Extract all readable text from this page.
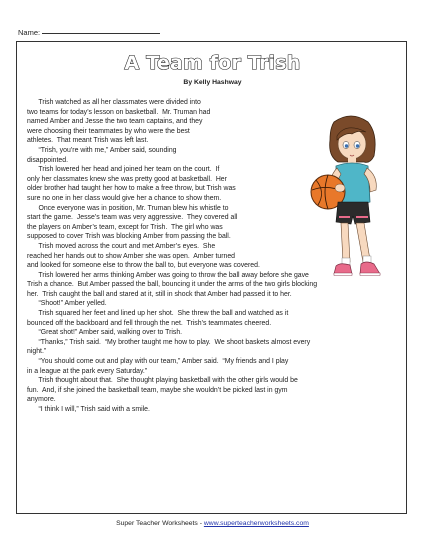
Name:
A Team for Trish
By Kelly Hashway
Trish watched as all her classmates were divided into
two teams for today’s lesson on basketball.  Mr. Truman had
named Amber and Jesse the two team captains, and they
were choosing their teammates by who were the best
athletes.  That meant Trish was left last.
“Trish, you’re with me,” Amber said, sounding
disappointed.
Trish lowered her head and joined her team on the court.  If
only her classmates knew she was pretty good at basketball.  Her
older brother had taught her how to make a free throw, but Trish was
sure no one in her class would give her a chance to show them.
Once everyone was in position, Mr. Truman blew his whistle to
start the game.  Jesse’s team was very aggressive.  They covered all
the players on Amber’s team, except for Trish.  The girl who was
supposed to cover Trish was blocking Amber from passing the ball.
Trish moved across the court and met Amber’s eyes.  She
reached her hands out to show Amber she was open.  Amber turned
and looked for someone else to throw the ball to, but everyone was covered.
Trish lowered her arms thinking Amber was going to throw the ball away before she gave
Trish a chance.  But Amber passed the ball, bouncing it under the arms of the two girls blocking
her.  Trish caught the ball and stared at it, still in shock that Amber had passed it to her.
“Shoot!” Amber yelled.
Trish squared her feet and lined up her shot.  She threw the ball and watched as it
bounced off the backboard and fell through the net.  Trish’s teammates cheered.
“Great shot!” Amber said, walking over to Trish.
“Thanks,” Trish said.  “My brother taught me how to play.  We shoot baskets almost every
night.”
“You should come out and play with our team,” Amber said.  “My friends and I play
in a league at the park every Saturday.”
Trish thought about that.  She thought playing basketball with the other girls would be
fun.  And, if she joined the basketball team, maybe she wouldn’t be picked last in gym
anymore.
“I think I will,” Trish said with a smile.
Super Teacher Worksheets - www.superteacherworksheets.com
